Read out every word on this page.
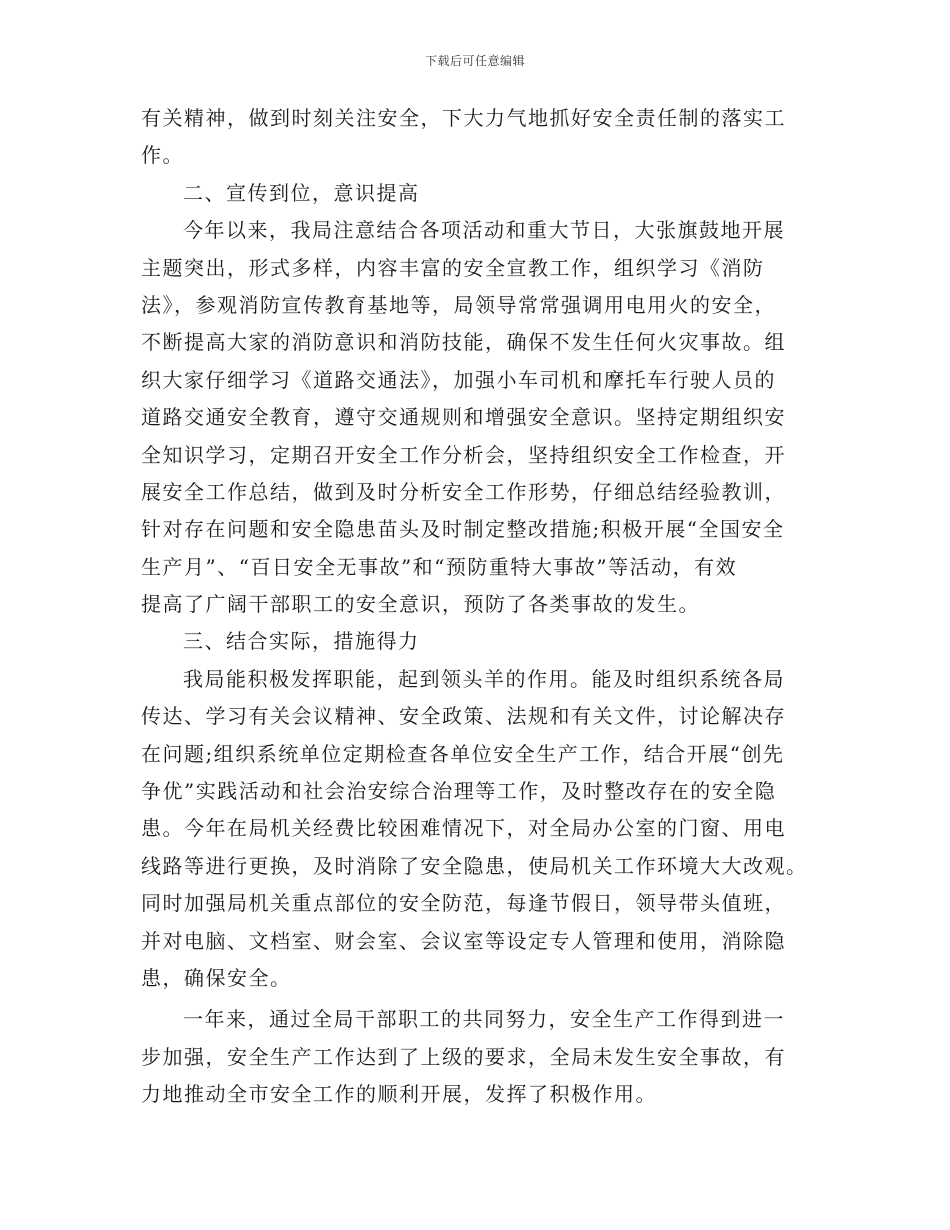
下载后可任意编辑
有关精神，做到时刻关注安全，下大力气地抓好安全责任制的落实工
作。
二、宣传到位，意识提高
今年以来，我局注意结合各项活动和重大节日，大张旗鼓地开展
主题突出，形式多样，内容丰富的安全宣教工作，组织学习《消防
法》，参观消防宣传教育基地等，局领导常常强调用电用火的安全，
不断提高大家的消防意识和消防技能，确保不发生任何火灾事故。组
织大家仔细学习《道路交通法》，加强小车司机和摩托车行驶人员的
道路交通安全教育，遵守交通规则和增强安全意识。坚持定期组织安
全知识学习，定期召开安全工作分析会，坚持组织安全工作检查，开
展安全工作总结，做到及时分析安全工作形势，仔细总结经验教训，
针对存在问题和安全隐患苗头及时制定整改措施;积极开展“全国安全
生产月”、“百日安全无事故”和“预防重特大事故”等活动，有效
提高了广阔干部职工的安全意识，预防了各类事故的发生。
三、结合实际，措施得力
我局能积极发挥职能，起到领头羊的作用。能及时组织系统各局
传达、学习有关会议精神、安全政策、法规和有关文件，讨论解决存
在问题;组织系统单位定期检查各单位安全生产工作，结合开展“创先
争优”实践活动和社会治安综合治理等工作，及时整改存在的安全隐
患。今年在局机关经费比较困难情况下，对全局办公室的门窗、用电
线路等进行更换，及时消除了安全隐患，使局机关工作环境大大改观。
同时加强局机关重点部位的安全防范，每逢节假日，领导带头值班，
并对电脑、文档室、财会室、会议室等设定专人管理和使用，消除隐
患，确保安全。
一年来，通过全局干部职工的共同努力，安全生产工作得到进一
步加强，安全生产工作达到了上级的要求，全局未发生安全事故，有
力地推动全市安全工作的顺利开展，发挥了积极作用。
